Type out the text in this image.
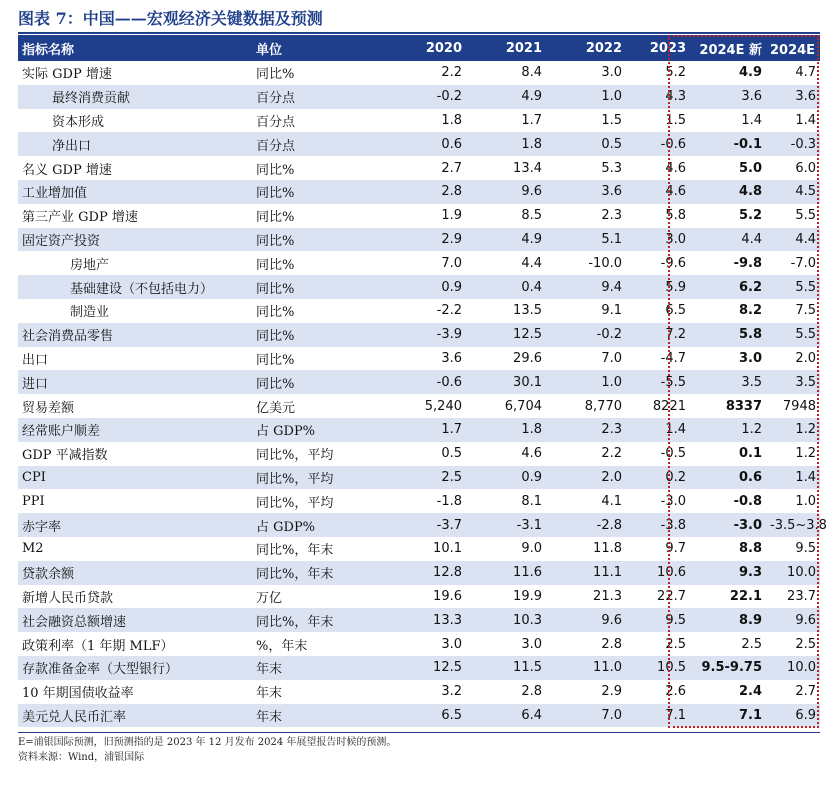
图表 7：中国——宏观经济关键数据及预测
指标名称	单位	2020	2021	2022	2023	2024E 新	2024E 旧
实际 GDP 增速	同比%	2.2	8.4	3.0	5.2	4.9	4.7
最终消费贡献	百分点	-0.2	4.9	1.0	4.3	3.6	3.6
资本形成	百分点	1.8	1.7	1.5	1.5	1.4	1.4
净出口	百分点	0.6	1.8	0.5	-0.6	-0.1	-0.3
名义 GDP 增速	同比%	2.7	13.4	5.3	4.6	5.0	6.0
工业增加值	同比%	2.8	9.6	3.6	4.6	4.8	4.5
第三产业 GDP 增速	同比%	1.9	8.5	2.3	5.8	5.2	5.5
固定资产投资	同比%	2.9	4.9	5.1	3.0	4.4	4.4
房地产	同比%	7.0	4.4	-10.0	-9.6	-9.8	-7.0
基础建设（不包括电力）	同比%	0.9	0.4	9.4	5.9	6.2	5.5
制造业	同比%	-2.2	13.5	9.1	6.5	8.2	7.5
社会消费品零售	同比%	-3.9	12.5	-0.2	7.2	5.8	5.5
出口	同比%	3.6	29.6	7.0	-4.7	3.0	2.0
进口	同比%	-0.6	30.1	1.0	-5.5	3.5	3.5
贸易差额	亿美元	5,240	6,704	8,770	8221	8337	7948
经常账户顺差	占 GDP%	1.7	1.8	2.3	1.4	1.2	1.2
GDP 平减指数	同比%，平均	0.5	4.6	2.2	-0.5	0.1	1.2
CPI	同比%，平均	2.5	0.9	2.0	0.2	0.6	1.4
PPI	同比%，平均	-1.8	8.1	4.1	-3.0	-0.8	1.0
赤字率	占 GDP%	-3.7	-3.1	-2.8	-3.8	-3.0	-3.5~3.8
M2	同比%，年末	10.1	9.0	11.8	9.7	8.8	9.5
贷款余额	同比%，年末	12.8	11.6	11.1	10.6	9.3	10.0
新增人民币贷款	万亿	19.6	19.9	21.3	22.7	22.1	23.7
社会融资总额增速	同比%，年末	13.3	10.3	9.6	9.5	8.9	9.6
政策利率（1 年期 MLF）	%，年末	3.0	3.0	2.8	2.5	2.5	2.5
存款准备金率（大型银行）	年末	12.5	11.5	11.0	10.5	9.5-9.75	10.0
10 年期国债收益率	年末	3.2	2.8	2.9	2.6	2.4	2.7
美元兑人民币汇率	年末	6.5	6.4	7.0	7.1	7.1	6.9
E=浦银国际预测，旧预测指的是 2023 年 12 月发布 2024 年展望报告时候的预测。
资料来源：Wind，浦银国际
